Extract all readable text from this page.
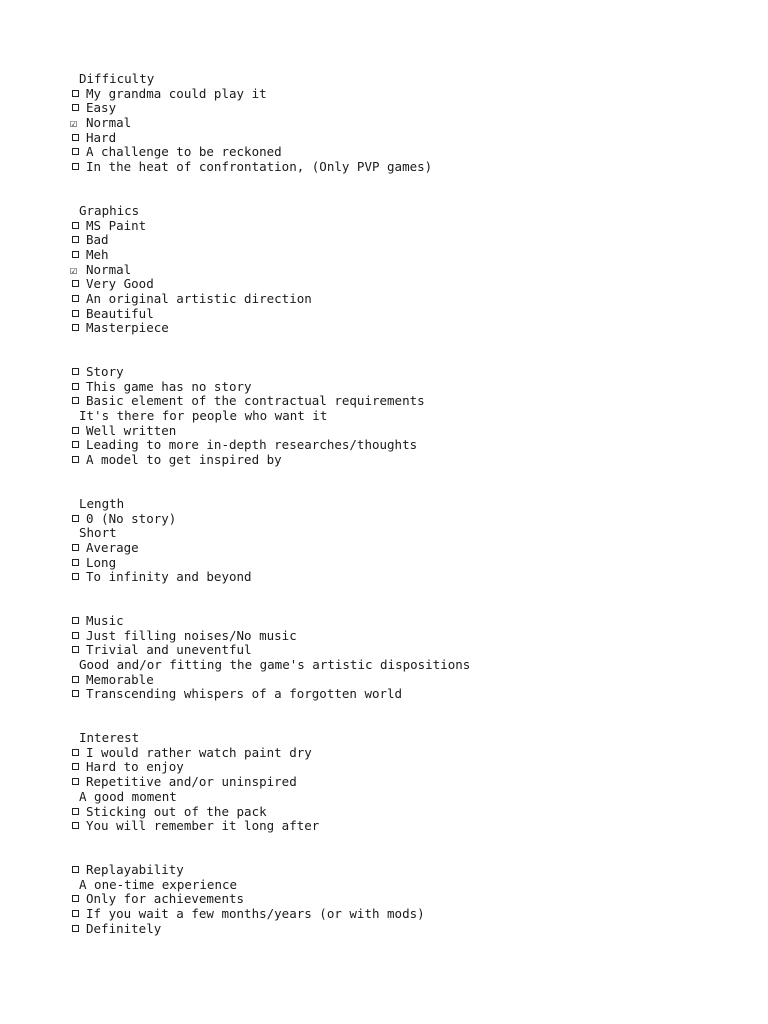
Difficulty
My grandma could play it
Easy
☑ Normal
Hard
A challenge to be reckoned
In the heat of confrontation, (Only PVP games)
Graphics
MS Paint
Bad
Meh
☑ Normal
Very Good
An original artistic direction
Beautiful
Masterpiece
Story
This game has no story
Basic element of the contractual requirements
It's there for people who want it
Well written
Leading to more in-depth researches/thoughts
A model to get inspired by
Length
0 (No story)
Short
Average
Long
To infinity and beyond
Music
Just filling noises/No music
Trivial and uneventful
Good and/or fitting the game's artistic dispositions
Memorable
Transcending whispers of a forgotten world
Interest
I would rather watch paint dry
Hard to enjoy
Repetitive and/or uninspired
A good moment
Sticking out of the pack
You will remember it long after
Replayability
A one-time experience
Only for achievements
If you wait a few months/years (or with mods)
Definitely
